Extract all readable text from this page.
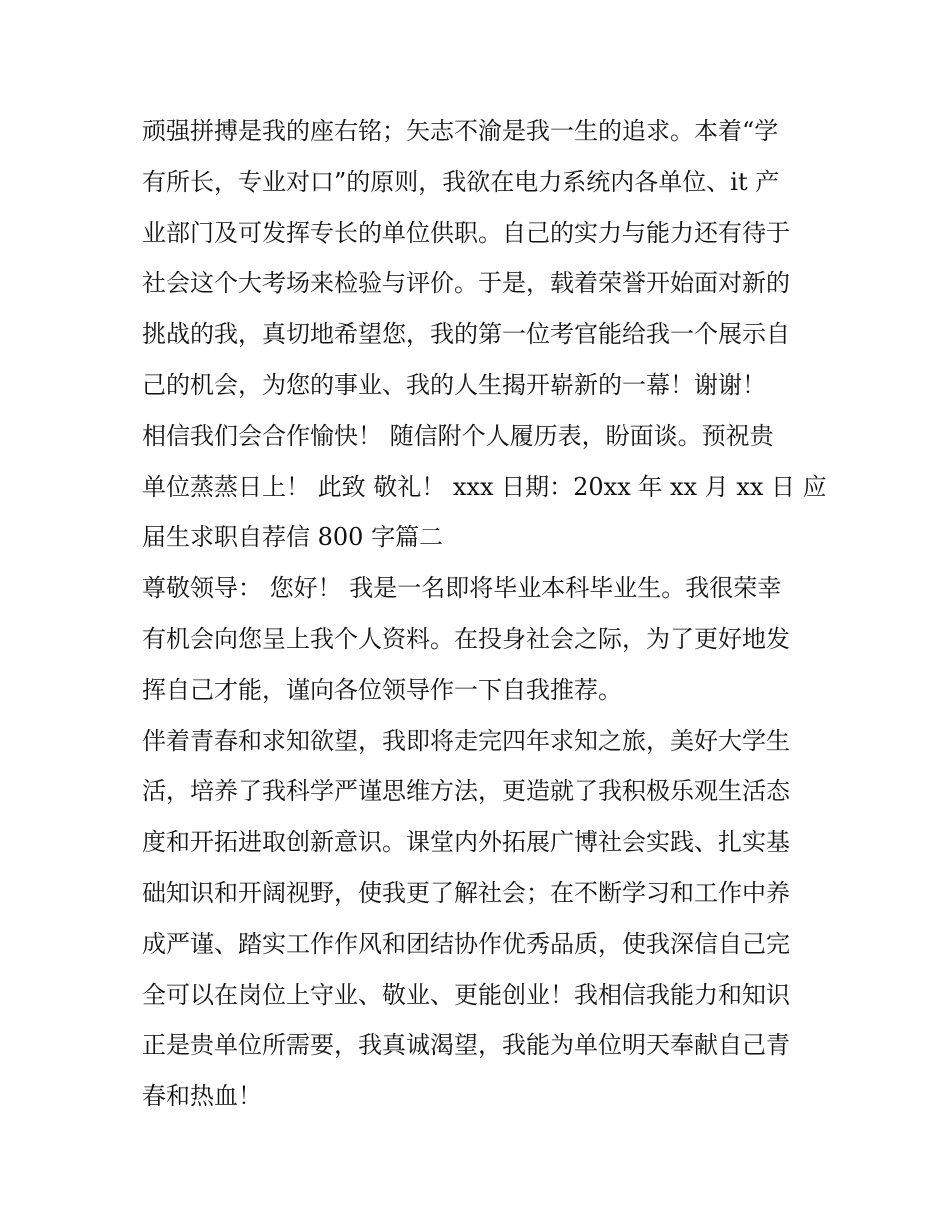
顽强拼搏是我的座右铭；矢志不渝是我一生的追求。本着“学
有所长，专业对口”的原则，我欲在电力系统内各单位、it 产
业部门及可发挥专长的单位供职。自己的实力与能力还有待于
社会这个大考场来检验与评价。于是，载着荣誉开始面对新的
挑战的我，真切地希望您，我的第一位考官能给我一个展示自
己的机会，为您的事业、我的人生揭开崭新的一幕！谢谢！
相信我们会合作愉快！ 随信附个人履历表，盼面谈。预祝贵
单位蒸蒸日上！ 此致 敬礼！ xxx 日期：20xx 年 xx 月 xx 日 应
届生求职自荐信 800 字篇二
尊敬领导： 您好！ 我是一名即将毕业本科毕业生。我很荣幸
有机会向您呈上我个人资料。在投身社会之际，为了更好地发
挥自己才能，谨向各位领导作一下自我推荐。
伴着青春和求知欲望，我即将走完四年求知之旅，美好大学生
活，培养了我科学严谨思维方法，更造就了我积极乐观生活态
度和开拓进取创新意识。课堂内外拓展广博社会实践、扎实基
础知识和开阔视野，使我更了解社会；在不断学习和工作中养
成严谨、踏实工作作风和团结协作优秀品质，使我深信自己完
全可以在岗位上守业、敬业、更能创业！我相信我能力和知识
正是贵单位所需要，我真诚渴望，我能为单位明天奉献自己青
春和热血！
